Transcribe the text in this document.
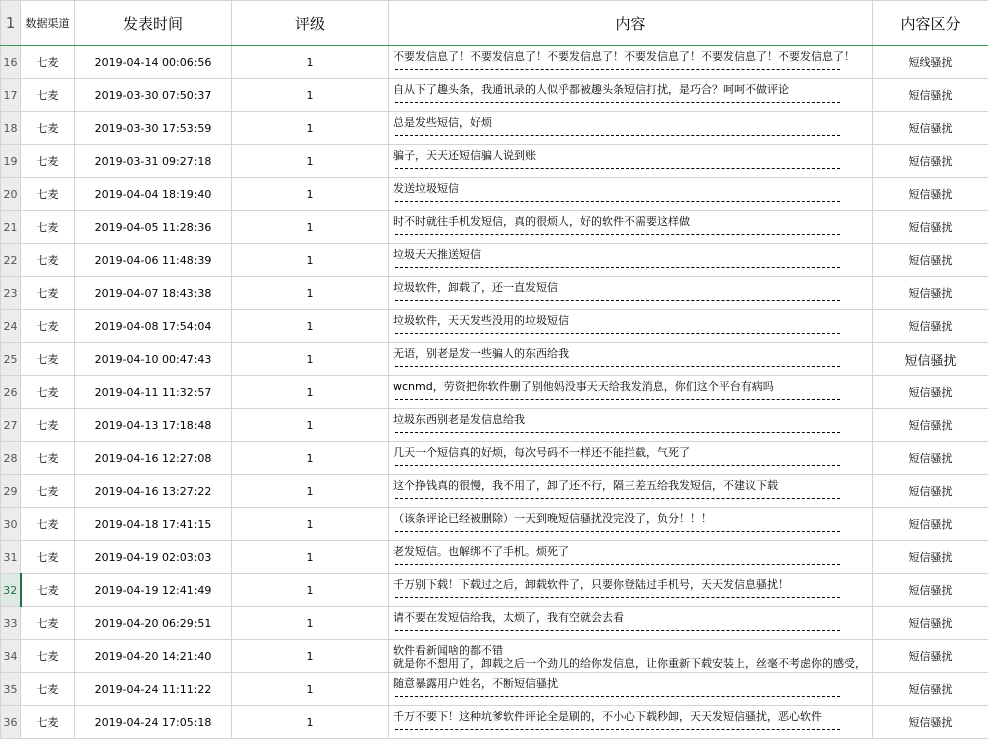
1	数据渠道	发表时间	评级	内容	内容区分
16	七麦	2019-04-14 00:06:56	1	不要发信息了！不要发信息了！不要发信息了！不要发信息了！不要发信息了！不要发信息了！	短线骚扰
17	七麦	2019-03-30 07:50:37	1	自从下了趣头条，我通讯录的人似乎都被趣头条短信打扰，是巧合？呵呵不做评论	短信骚扰
18	七麦	2019-03-30 17:53:59	1	总是发些短信，好烦	短信骚扰
19	七麦	2019-03-31 09:27:18	1	骗子，天天还短信骗人说到账	短信骚扰
20	七麦	2019-04-04 18:19:40	1	发送垃圾短信	短信骚扰
21	七麦	2019-04-05 11:28:36	1	时不时就往手机发短信，真的很烦人，好的软件不需要这样做	短信骚扰
22	七麦	2019-04-06 11:48:39	1	垃圾天天推送短信	短信骚扰
23	七麦	2019-04-07 18:43:38	1	垃圾软件，卸载了，还一直发短信	短信骚扰
24	七麦	2019-04-08 17:54:04	1	垃圾软件，天天发些没用的垃圾短信	短信骚扰
25	七麦	2019-04-10 00:47:43	1	无语，别老是发一些骗人的东西给我	短信骚扰
26	七麦	2019-04-11 11:32:57	1	wcnmd，劳资把你软件删了别他妈没事天天给我发消息，你们这个平台有病吗	短信骚扰
27	七麦	2019-04-13 17:18:48	1	垃圾东西别老是发信息给我	短信骚扰
28	七麦	2019-04-16 12:27:08	1	几天一个短信真的好烦，每次号码不一样还不能拦截，气死了	短信骚扰
29	七麦	2019-04-16 13:27:22	1	这个挣钱真的很慢，我不用了，卸了还不行，隔三差五给我发短信，不建议下载	短信骚扰
30	七麦	2019-04-18 17:41:15	1	（该条评论已经被删除）一天到晚短信骚扰没完没了，负分！！！	短信骚扰
31	七麦	2019-04-19 02:03:03	1	老发短信。也解绑不了手机。烦死了	短信骚扰
32	七麦	2019-04-19 12:41:49	1	千万别下载！下载过之后，卸载软件了，只要你登陆过手机号，天天发信息骚扰！	短信骚扰
33	七麦	2019-04-20 06:29:51	1	请不要在发短信给我，太烦了，我有空就会去看	短信骚扰
34	七麦	2019-04-20 14:21:40	1	软件看新闻啥的都不错
就是你不想用了，卸载之后一个劲儿的给你发信息，让你重新下载安装上，丝毫不考虑你的感受，	短信骚扰
35	七麦	2019-04-24 11:11:22	1	随意暴露用户姓名，不断短信骚扰	短信骚扰
36	七麦	2019-04-24 17:05:18	1	千万不要下！这种坑爹软件评论全是刷的，不小心下载秒卸，天天发短信骚扰，恶心软件	短信骚扰
